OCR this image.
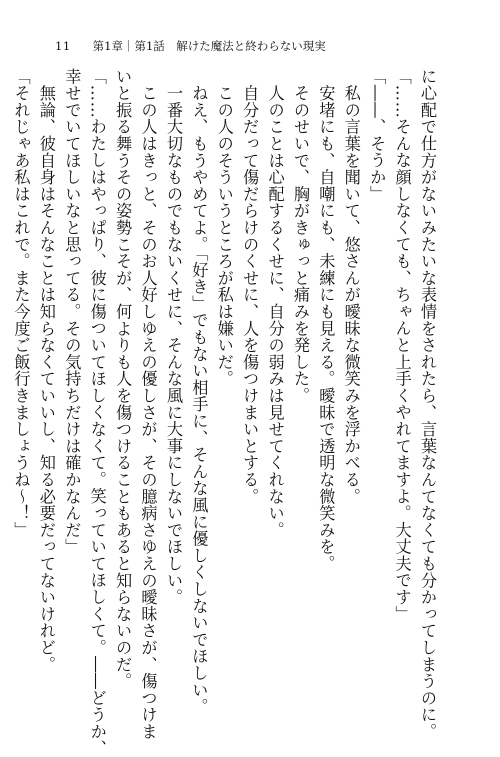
11 第1章｜第1話　解けた魔法と終わらない現実

に心配で仕方がないみたいな表情をされたら、言葉なんてなくても分かってしまうのに。

「……そんな顔しなくても、ちゃんと上手くやれてますよ。大丈夫です」

「――、そうか」

　私の言葉を聞いて、悠さんが曖昧な微笑みを浮かべる。

　安堵にも、自嘲にも、未練にも見える。曖昧で透明な微笑みを。

　そのせいで、胸がきゅっと痛みを発した。

　人のことは心配するくせに、自分の弱みは見せてくれない。

　自分だって傷だらけのくせに、人を傷つけまいとする。

　この人のそういうところが私は嫌いだ。

　ねえ、もうやめてよ。「好き」でもない相手に、そんな風に優しくしないでほしい。

　一番大切なものでもないくせに、そんな風に大事にしないでほしい。

　この人はきっと、そのお人好しゆえの優しさが、その臆病さゆえの曖昧さが、傷つけま

いと振る舞うその姿勢こそが、何よりも人を傷つけることもあると知らないのだ。

「……わたしはやっぱり、彼に傷ついてほしくなくて。笑っていてほしくて。――どうか、

幸せでいてほしいなと思ってる。その気持ちだけは確かなんだ」

　無論、彼自身はそんなことは知らなくていいし、知る必要だってないけれど。

「それじゃあ私はこれで。また今度ご飯行きましょうね～！」
